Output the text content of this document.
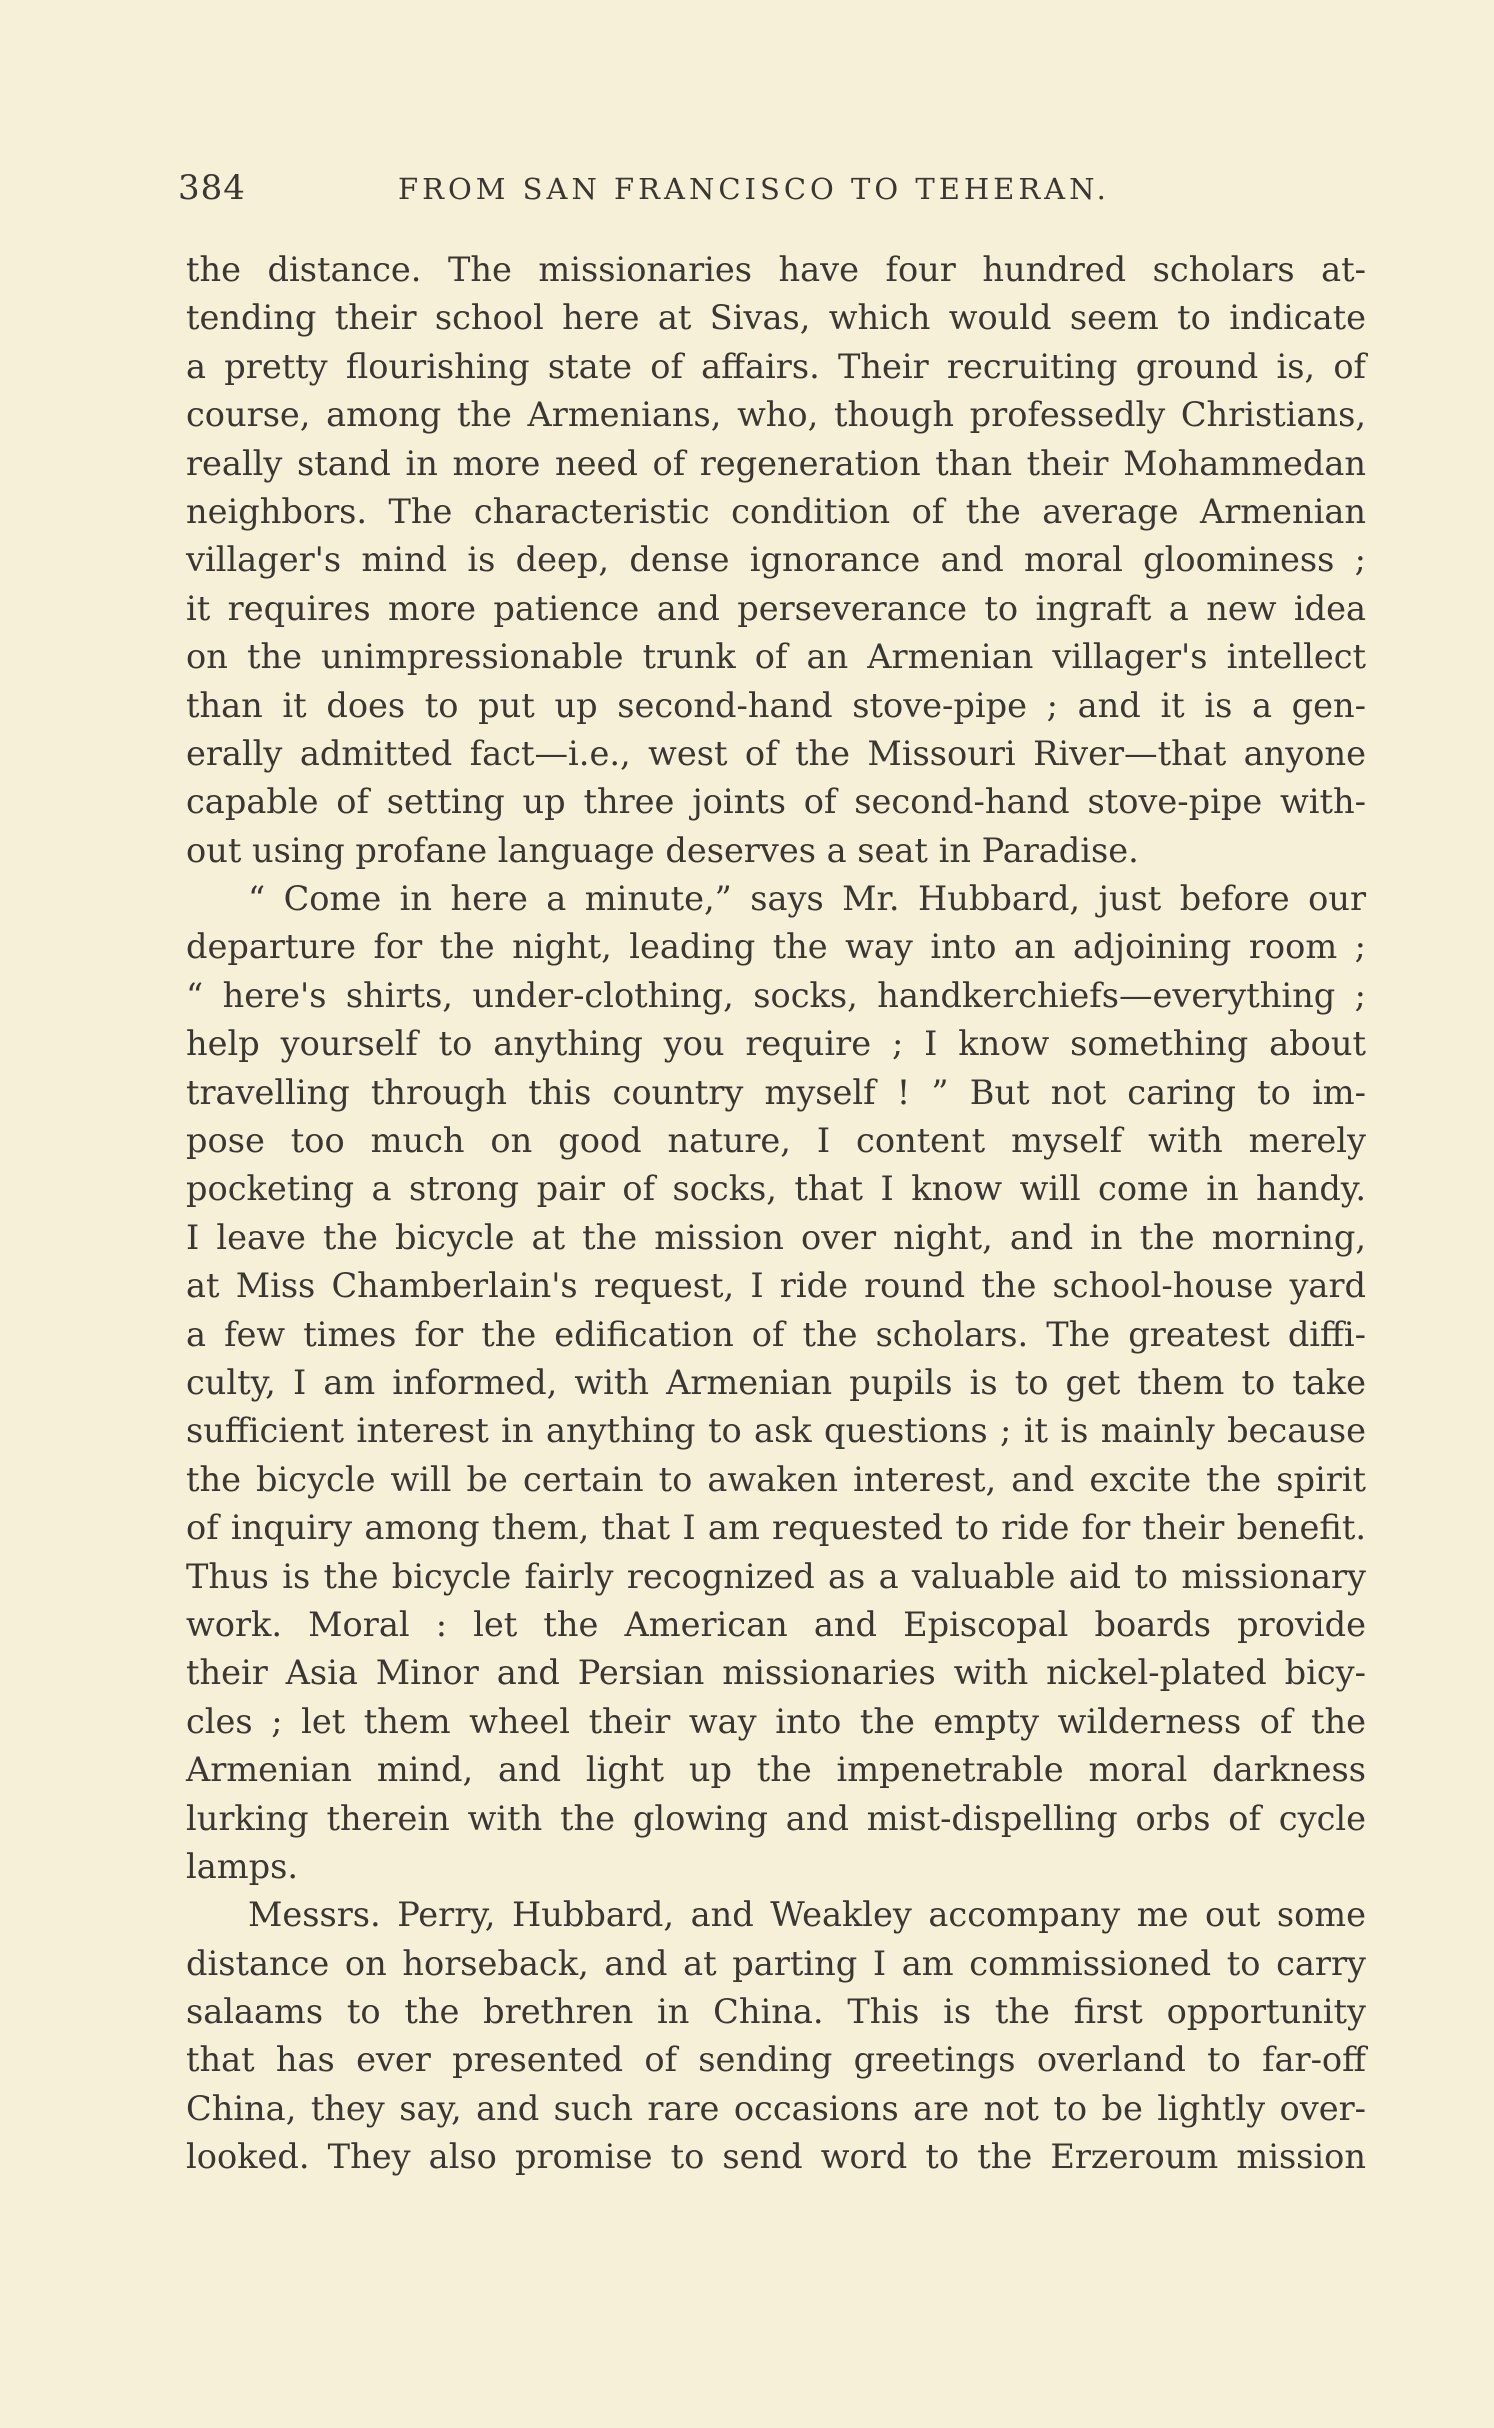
384	FROM SAN FRANCISCO TO TEHERAN.
the distance. The missionaries have four hundred scholars at-
tending their school here at Sivas, which would seem to indicate
a pretty flourishing state of affairs. Their recruiting ground is, of
course, among the Armenians, who, though professedly Christians,
really stand in more need of regeneration than their Mohammedan
neighbors. The characteristic condition of the average Armenian
villager's mind is deep, dense ignorance and moral gloominess ;
it requires more patience and perseverance to ingraft a new idea
on the unimpressionable trunk of an Armenian villager's intellect
than it does to put up second-hand stove-pipe ; and it is a gen-
erally admitted fact—i.e., west of the Missouri River—that anyone
capable of setting up three joints of second-hand stove-pipe with-
out using profane language deserves a seat in Paradise.
“ Come in here a minute,” says Mr. Hubbard, just before our
departure for the night, leading the way into an adjoining room ;
“ here's shirts, under-clothing, socks, handkerchiefs—everything ;
help yourself to anything you require ; I know something about
travelling through this country myself ! ” But not caring to im-
pose too much on good nature, I content myself with merely
pocketing a strong pair of socks, that I know will come in handy.
I leave the bicycle at the mission over night, and in the morning,
at Miss Chamberlain's request, I ride round the school-house yard
a few times for the edification of the scholars. The greatest diffi-
culty, I am informed, with Armenian pupils is to get them to take
sufficient interest in anything to ask questions ; it is mainly because
the bicycle will be certain to awaken interest, and excite the spirit
of inquiry among them, that I am requested to ride for their benefit.
Thus is the bicycle fairly recognized as a valuable aid to missionary
work. Moral : let the American and Episcopal boards provide
their Asia Minor and Persian missionaries with nickel-plated bicy-
cles ; let them wheel their way into the empty wilderness of the
Armenian mind, and light up the impenetrable moral darkness
lurking therein with the glowing and mist-dispelling orbs of cycle
lamps.
Messrs. Perry, Hubbard, and Weakley accompany me out some
distance on horseback, and at parting I am commissioned to carry
salaams to the brethren in China. This is the first opportunity
that has ever presented of sending greetings overland to far-off
China, they say, and such rare occasions are not to be lightly over-
looked. They also promise to send word to the Erzeroum mission
